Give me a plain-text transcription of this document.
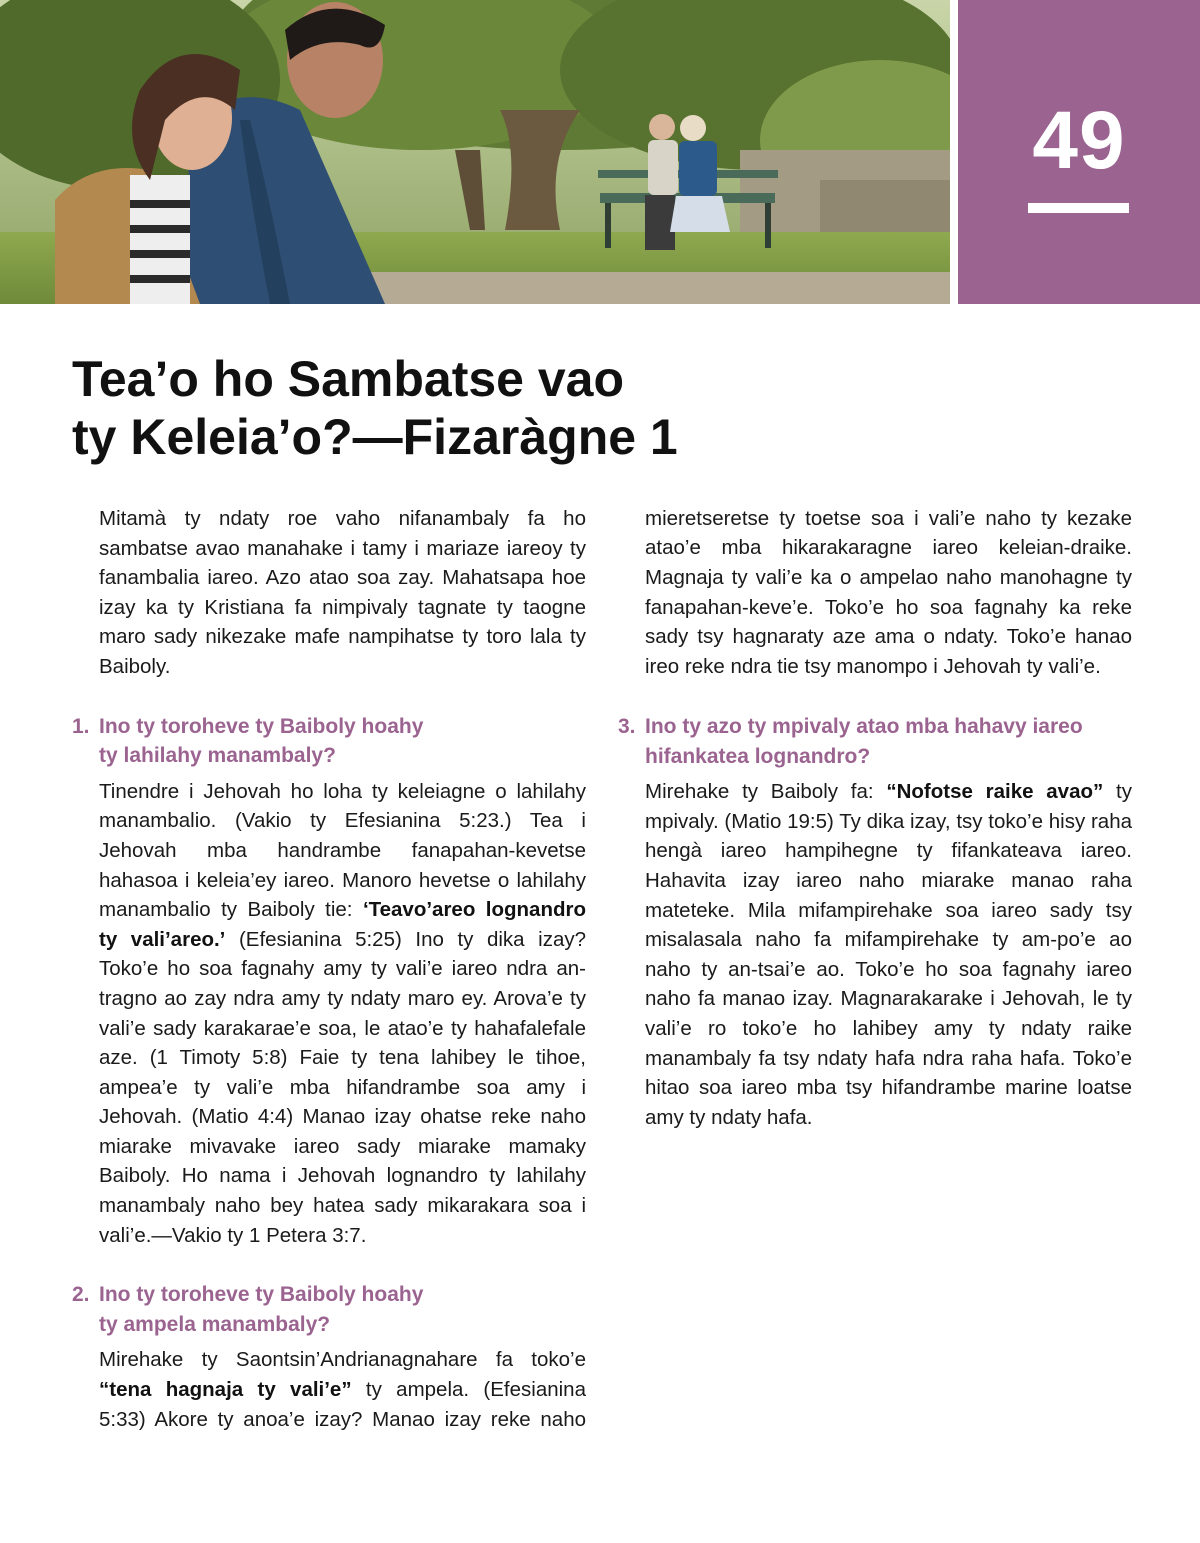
49
Tea’o ho Sambatse vao
ty Keleia’o?—Fizaràgne 1

Mitamà ty ndaty roe vaho nifanambaly fa ho sambatse avao manahake i tamy i mariaze iareoy ty fanambalia iareo. Azo atao soa zay. Mahatsapa hoe izay ka ty Kristiana fa nimpivaly tagnate ty taogne maro sady nikezake mafe nampihatse ty toro lala ty Baiboly.

1. Ino ty toroheve ty Baiboly hoahy
ty lahilahy manambaly?

Tinendre i Jehovah ho loha ty keleiagne o lahilahy manambalio. (Vakio ty Efesianina 5:23.) Tea i Jehovah mba handrambe fanapahan-kevetse hahasoa i keleia’ey iareo. Manoro hevetse o lahilahy manambalio ty Baiboly tie: ‘Teavo’areo lognandro ty vali’areo.’ (Efesianina 5:25) Ino ty dika izay? Toko’e ho soa fagnahy amy ty vali’e iareo ndra an-tragno ao zay ndra amy ty ndaty maro ey. Arova’e ty vali’e sady karakarae’e soa, le atao’e ty hahafalefale aze. (1 Timoty 5:8) Faie ty tena lahibey le tihoe, ampea’e ty vali’e mba hifandrambe soa amy i Jehovah. (Matio 4:4) Manao izay ohatse reke naho miarake mivavake iareo sady miarake mamaky Baiboly. Ho nama i Jehovah lognandro ty lahilahy manambaly naho bey hatea sady mikarakara soa i vali’e.—Vakio ty 1 Petera 3:7.

2. Ino ty toroheve ty Baiboly hoahy
ty ampela manambaly?

Mirehake ty Saontsin’Andrianagnahare fa toko’e “tena hagnaja ty vali’e” ty ampela. (Efesianina 5:33) Akore ty anoa’e izay? Manao izay reke naho

mieretseretse ty toetse soa i vali’e naho ty kezake atao’e mba hikarakaragne iareo keleian-draike. Magnaja ty vali’e ka o ampelao naho manohagne ty fanapahan-keve’e. Toko’e ho soa fagnahy ka reke sady tsy hagnaraty aze ama o ndaty. Toko’e hanao ireo reke ndra tie tsy manompo i Jehovah ty vali’e.

3. Ino ty azo ty mpivaly atao mba hahavy iareo
hifankatea lognandro?

Mirehake ty Baiboly fa: “Nofotse raike avao” ty mpivaly. (Matio 19:5) Ty dika izay, tsy toko’e hisy raha hengà iareo hampihegne ty fifankateava iareo. Hahavita izay iareo naho miarake manao raha mateteke. Mila mifampirehake soa iareo sady tsy misalasala naho fa mifampirehake ty am-po’e ao naho ty an-tsai’e ao. Toko’e ho soa fagnahy iareo naho fa manao izay. Magnarakarake i Jehovah, le ty vali’e ro toko’e ho lahibey amy ty ndaty raike manambaly fa tsy ndaty hafa ndra raha hafa. Toko’e hitao soa iareo mba tsy hifandrambe marine loatse amy ty ndaty hafa.
